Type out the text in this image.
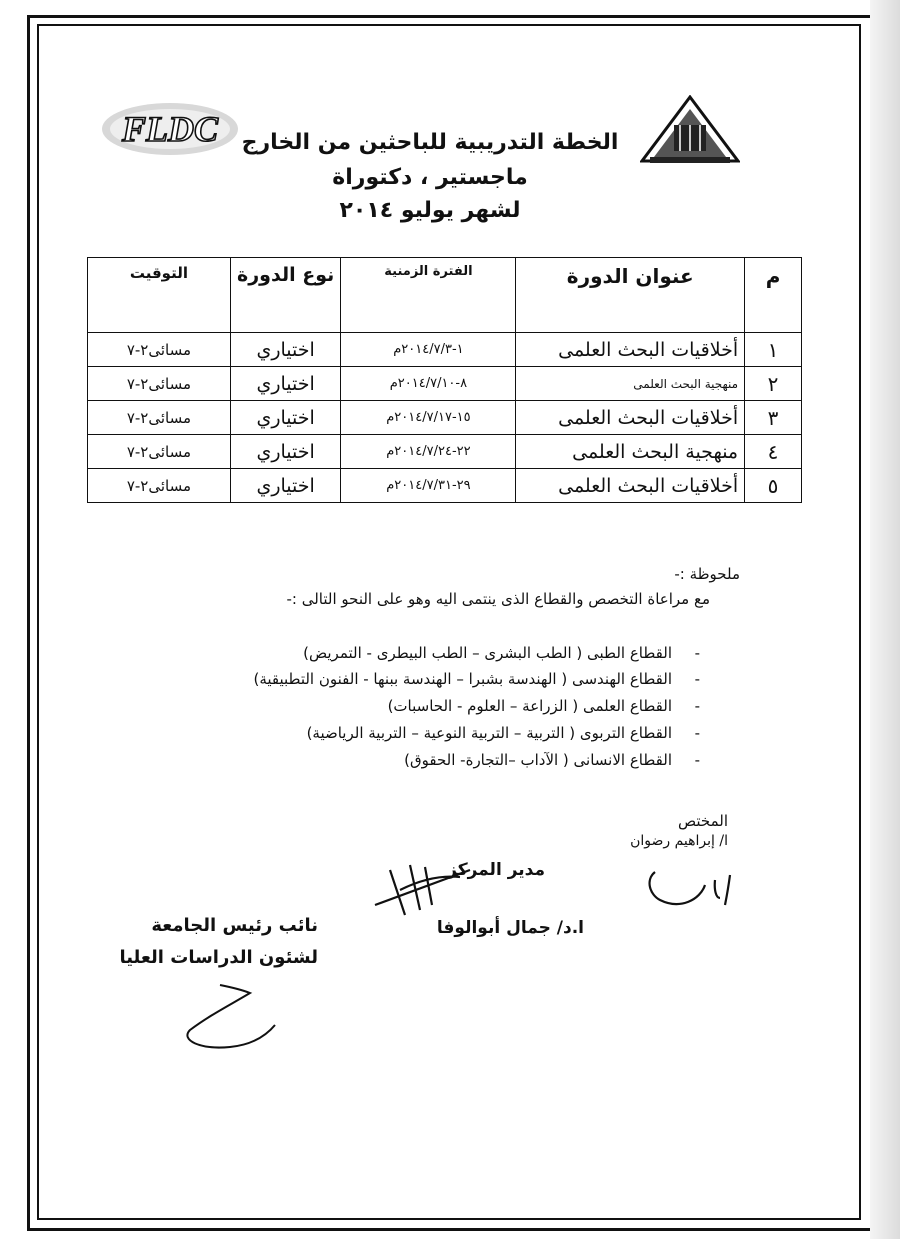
FLDC	الخطة التدريبية للباحثين من الخارج
ماجستير ، دكتوراة
لشهر يوليو ٢٠١٤
م	عنوان الدورة	الفترة الزمنية	نوع الدورة	التوقيت
١	أخلاقيات البحث العلمى	١-٢٠١٤/٧/٣م	اختياري	مسائى٢-٧
٢	منهجية البحث العلمى	٨-٢٠١٤/٧/١٠م	اختياري	مسائى٢-٧
٣	أخلاقيات البحث العلمى	١٥-٢٠١٤/٧/١٧م	اختياري	مسائى٢-٧
٤	منهجية البحث العلمى	٢٢-٢٠١٤/٧/٢٤م	اختياري	مسائى٢-٧
٥	أخلاقيات البحث العلمى	٢٩-٢٠١٤/٧/٣١م	اختياري	مسائى٢-٧
ملحوظة :-
مع مراعاة التخصص والقطاع الذى ينتمى اليه وهو على النحو التالى :-
-القطاع الطبى ( الطب البشرى – الطب البيطرى - التمريض)
-القطاع الهندسى ( الهندسة بشبرا – الهندسة ببنها - الفنون التطبيقية)
-القطاع العلمى ( الزراعة – العلوم - الحاسبات)
-القطاع التربوى ( التربية – التربية النوعية – التربية الرياضية)
-القطاع الانسانى ( الآداب –التجارة- الحقوق)
المختص
ا/ إبراهيم رضوان
مدير المركز
ا.د/ جمال أبوالوفا
نائب رئيس الجامعة
لشئون الدراسات العليا
